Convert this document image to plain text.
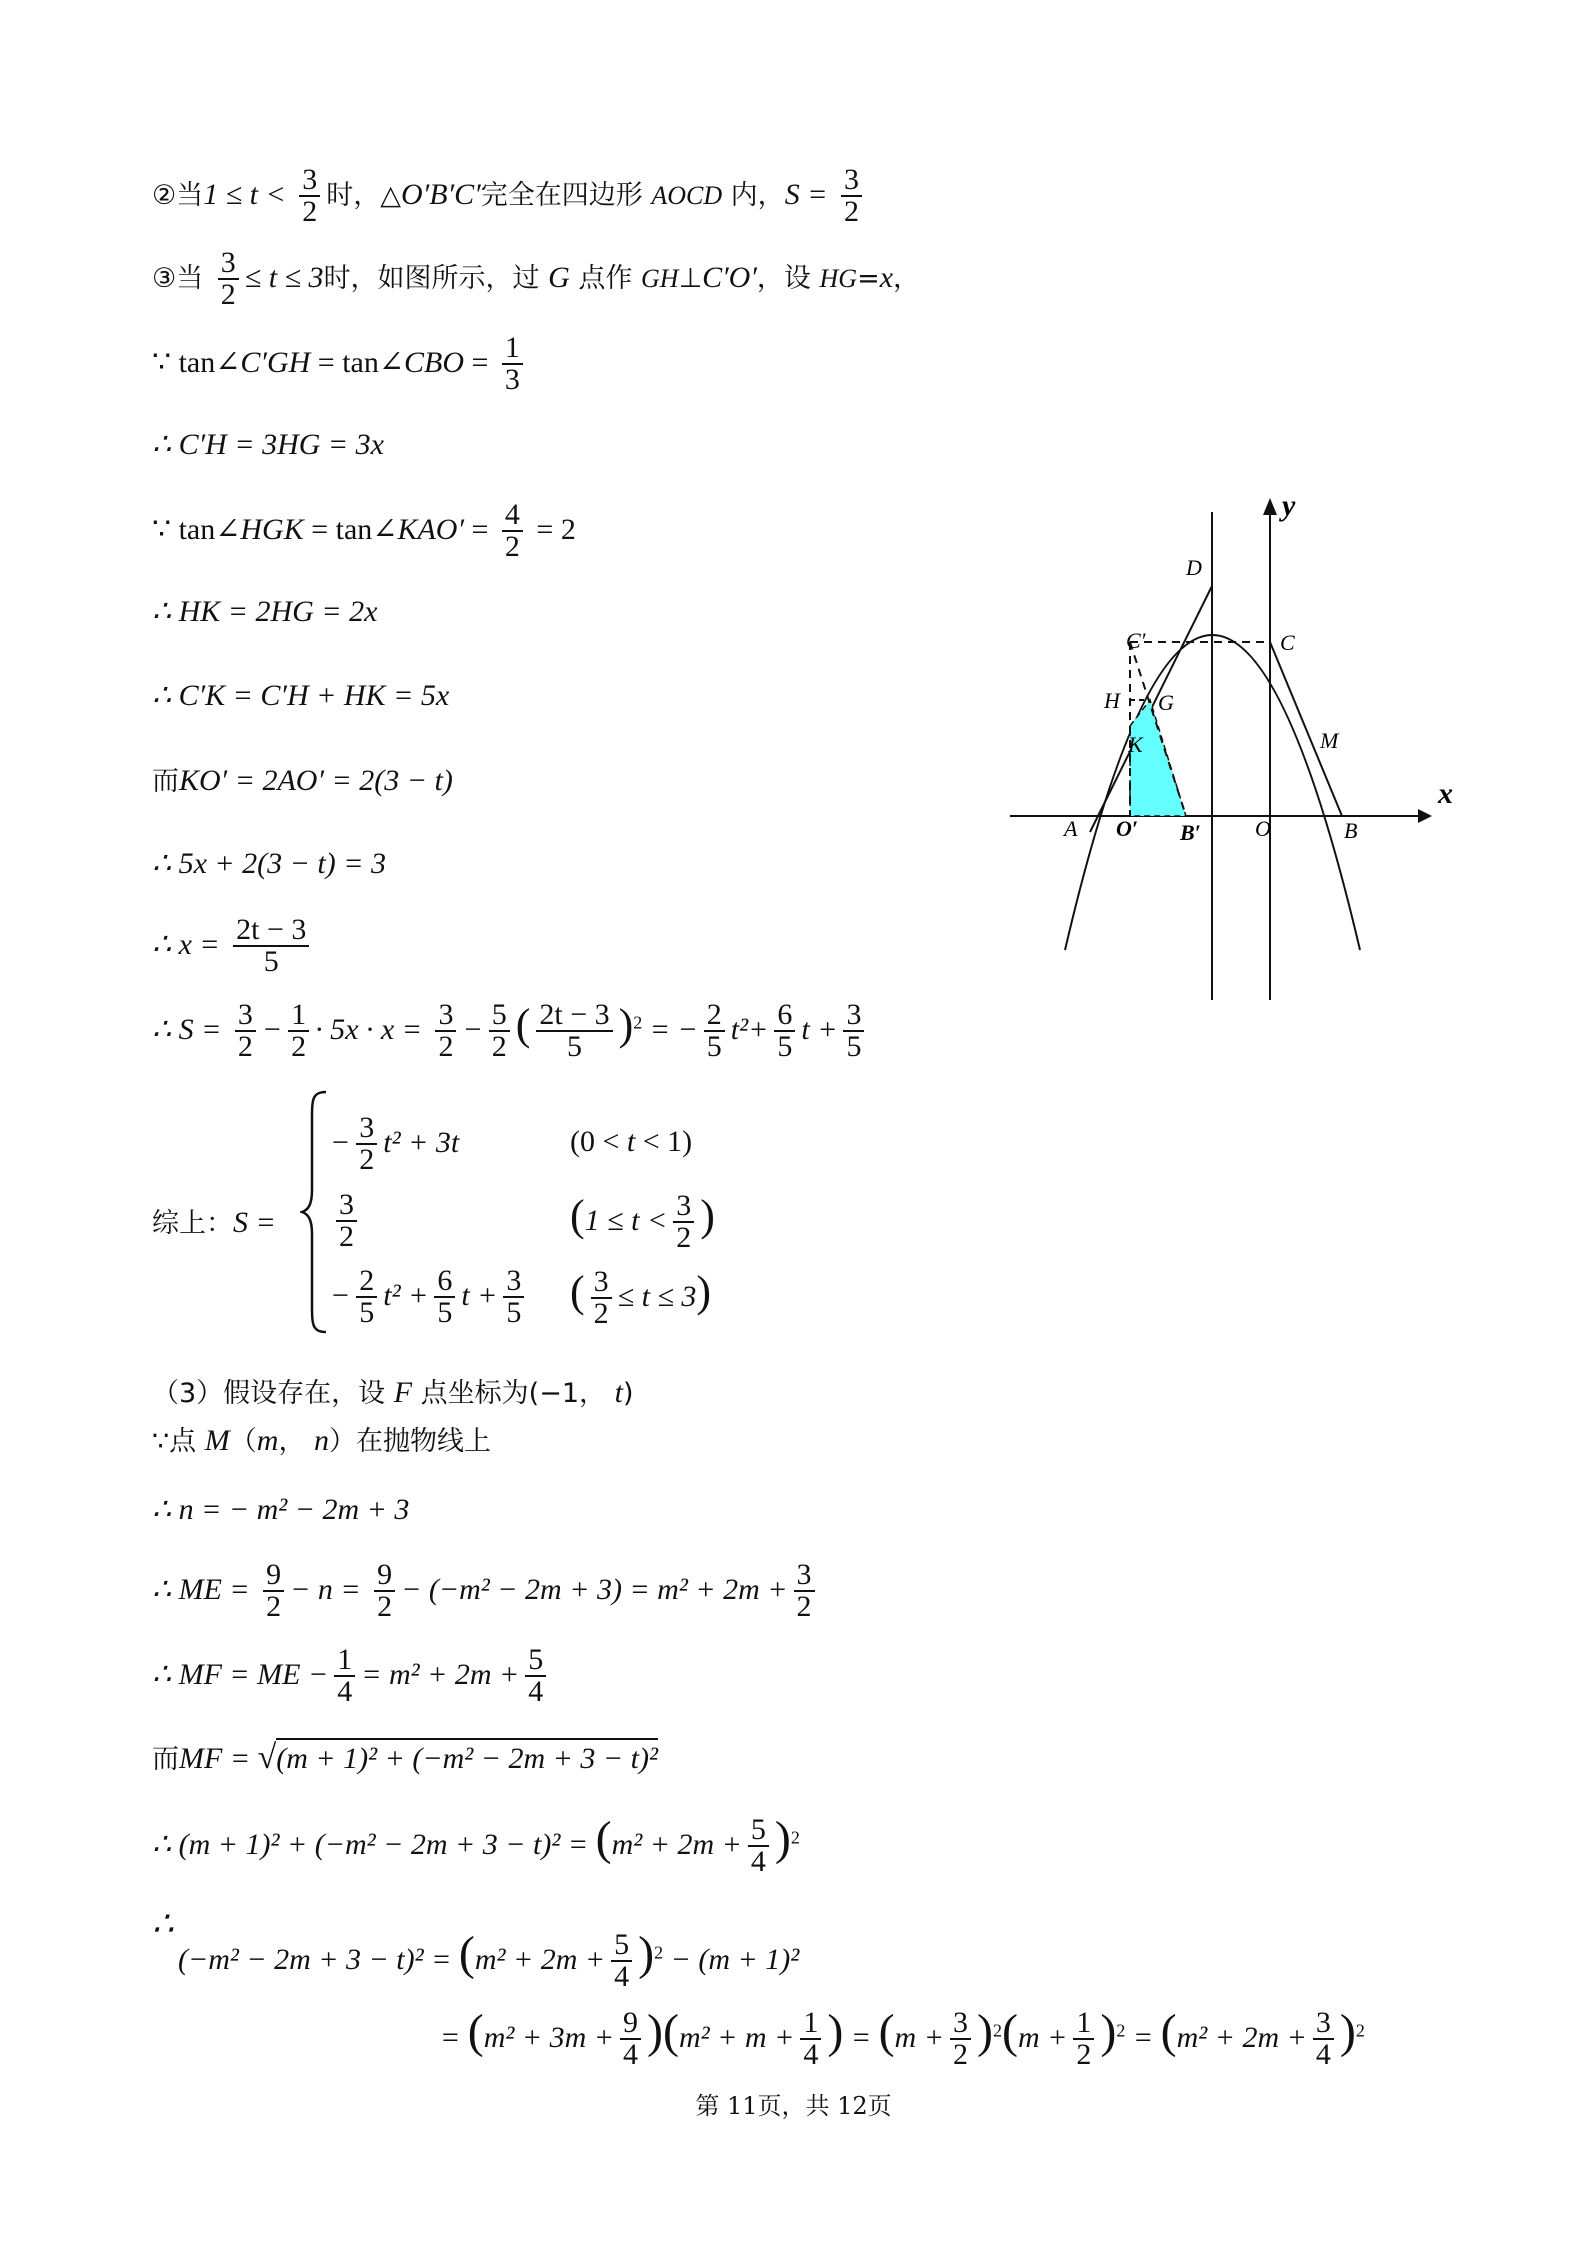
②当$1 \le t < \frac{3}{2}$ 时，△O′B′C′完全在四边形 AOCD 内，$S = \frac{3}{2}$
③当 $\frac{3}{2} \le t \le 3$时，如图所示，过 G 点作 GH⊥C′O′，设 HG=x，
∵ tan∠C′GH = tan∠CBO = $\frac{1}{3}$
∴ C′H = 3HG = 3x
∵ tan∠HGK = tan∠KAO′ = $\frac{4}{2} = 2$
∴ HK = 2HG = 2x
∴ C′K = C′H + HK = 5x
而KO′ = 2AO′ = 2(3 − t)
∴ 5x + 2(3 − t) = 3
∴ $x = \frac{2t - 3}{5}$
∴ $S = \frac{3}{2} - \frac{1}{2} \cdot 5x \cdot x = \frac{3}{2} - \frac{5}{2}$ ( $\frac{2t - 3}{5} )^2$ = − $\frac{2}{5} t^2+ \frac{6}{5}$ $t + \frac{3}{5}$
综上：S =
− $\frac{3}{2} t^2 + 3t$	(0 < t < 1)
$\frac{3}{2}$	($1 \le t < \frac{3}{2}$ )
− $\frac{2}{5} t^2 + \frac{6}{5}$ $t + \frac{3}{5}$ ( $\frac{3}{2} \le t \le 3$)
（3）假设存在，设 F 点坐标为(−1， t)
∵点 M（m， n）在抛物线上
∴ n = − m² − 2m + 3
∴ ME = $\frac{9}{2} - n = \frac{9}{2} - (-m^2 - 2m + 3) = m^2 + 2m + \frac{3}{2}$
∴ MF = ME − $\frac{1}{4} = m^2 + 2m + \frac{5}{4}$
而MF = √(m + 1)² + (−m² − 2m + 3 − t)²
∴ $(m + 1)^2 + (-m^2 - 2m + 3 - t)^2 = (m^2 + 2m + \frac{5}{4} )^2$
∴
$(-m^2 - 2m + 3 - t)^2 = (m^2 + 2m + \frac{5}{4} )^2 - (m + 1)^2$
= $(m^2 + 3m + \frac{9}{4} )(m^2 + m + \frac{1}{4}$ ) = $(m + \frac{3}{2} )^2(m + \frac{1}{2} )^2 = (m^2 + 2m + \frac{3}{4} )^2$
x
y
D
C′	C
H G
K	M
A O′ B′ O	B
第 11页，共 12页
